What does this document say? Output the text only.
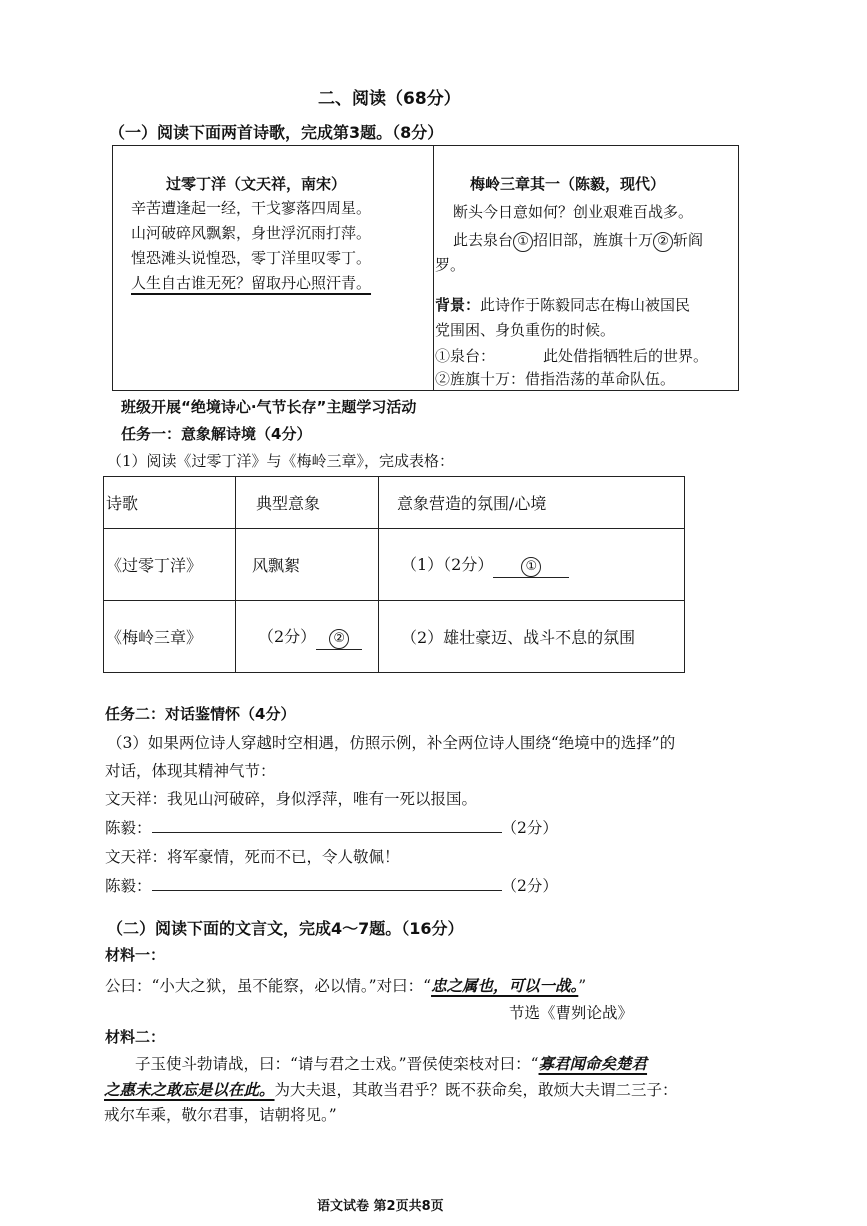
二、阅读（68分）
（一）阅读下面两首诗歌，完成第3题。（8分）
过零丁洋（文天祥，南宋）
辛苦遭逢起一经，干戈寥落四周星。
山河破碎风飘絮，身世浮沉雨打萍。
惶恐滩头说惶恐，零丁洋里叹零丁。
人生自古谁无死？留取丹心照汗青。
梅岭三章其一（陈毅，现代）
断头今日意如何？创业艰难百战多。
此去泉台 ① 招旧部，旌旗十万 ② 斩阎
罗。
背景：此诗作于陈毅同志在梅山被国民
党围困、身负重伤的时候。
①泉台：	此处借指牺牲后的世界。
②旌旗十万：借指浩荡的革命队伍。
班级开展“绝境诗心·气节长存”主题学习活动
任务一：意象解诗境（4分）
（1）阅读《过零丁洋》与《梅岭三章》，完成表格：
诗歌	典型意象	意象营造的氛围/心境
《过零丁洋》	风飘絮	（1）（2分） ①
《梅岭三章》	（2分） ②	（2）雄壮豪迈、战斗不息的氛围
任务二：对话鉴情怀（4分）
（3）如果两位诗人穿越时空相遇，仿照示例，补全两位诗人围绕“绝境中的选择”的
对话，体现其精神气节：
文天祥：我见山河破碎，身似浮萍，唯有一死以报国。
陈毅：	（2分）
文天祥：将军豪情，死而不已，令人敬佩！
陈毅：	（2分）
（二）阅读下面的文言文，完成4～7题。（16分）
材料一：
公曰：“小大之狱，虽不能察，必以情。”对曰：“忠之属也，可以一战。”
节选《曹刿论战》
材料二：
子玉使斗勃请战，曰：“请与君之士戏。”晋侯使栾枝对曰：“寡君闻命矣楚君
之惠未之敢忘是以在此。为大夫退，其敢当君乎？既不获命矣，敢烦大夫谓二三子：
戒尔车乘，敬尔君事，诘朝将见。”
语文试卷 第2页共8页
